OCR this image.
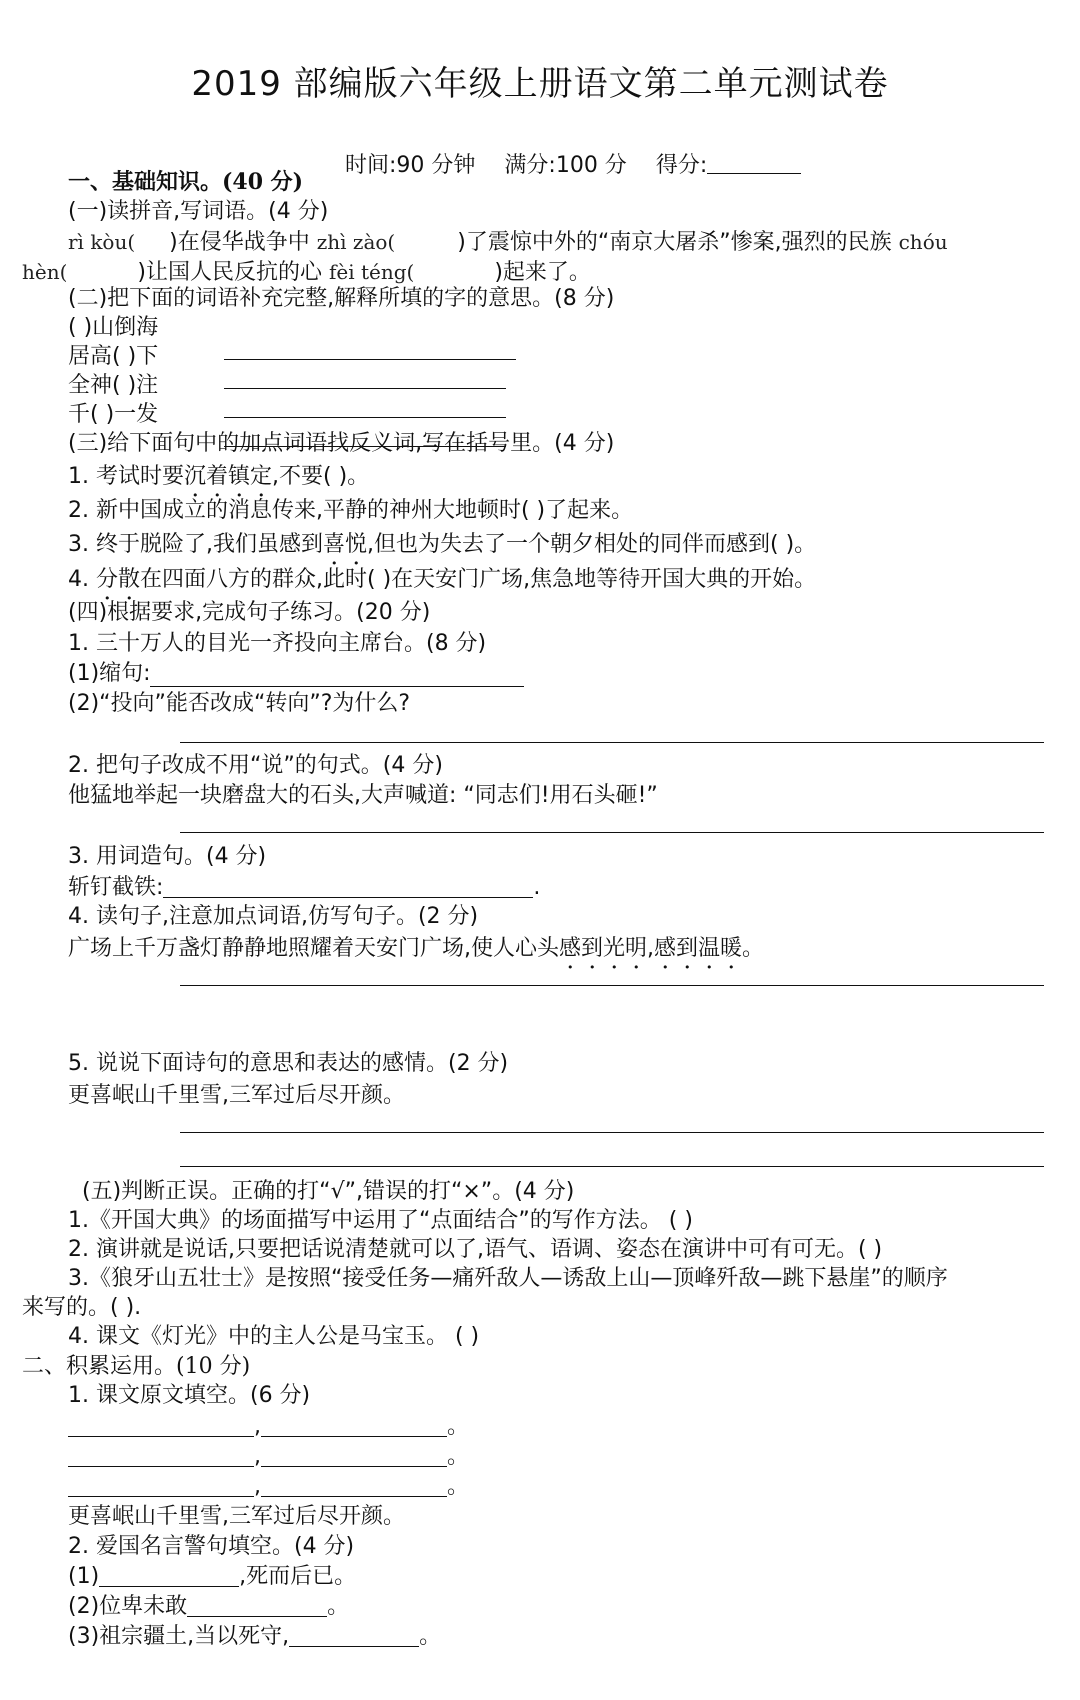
2019 部编版六年级上册语文第二单元测试卷
时间:90 分钟 满分:100 分 得分:
一、基础知识。(40 分)
(一)读拼音,写词语。(4 分)
rì kòu( )在侵华战争中 zhì zào(	)了震惊中外的“南京大屠杀”惨案,强烈的民族 chóu
hèn(	)让国人民反抗的心 fèi téng(	)起来了。
(二)把下面的词语补充完整,解释所填的字的意思。(8 分)
( )山倒海
居高( )下
全神( )注
千( )一发
(三)给下面句中的加点词语找反义词,写在括号里。(4 分)
1. 考试时要沉着镇定,不要( )。
2. 新中国成立的消息传来,平静的神州大地顿时( )了起来。
3. 终于脱险了,我们虽感到喜悦,但也为失去了一个朝夕相处的同伴而感到( )。
4. 分散在四面八方的群众,此时( )在天安门广场,焦急地等待开国大典的开始。
(四)根据要求,完成句子练习。(20 分)
1. 三十万人的目光一齐投向主席台。(8 分)
(1)缩句:
(2)“投向”能否改成“转向”?为什么?
2. 把句子改成不用“说”的句式。(4 分)
他猛地举起一块磨盘大的石头,大声喊道: “同志们!用石头砸!”
3. 用词造句。(4 分)
斩钉截铁:	.
4. 读句子,注意加点词语,仿写句子。(2 分)
广场上千万盏灯静静地照耀着天安门广场,使人心头感到光明,感到温暖。
5. 说说下面诗句的意思和表达的感情。(2 分)
更喜岷山千里雪,三军过后尽开颜。
(五)判断正误。正确的打“√”,错误的打“×”。(4 分)
1.《开国大典》的场面描写中运用了“点面结合”的写作方法。 ( )
2. 演讲就是说话,只要把话说清楚就可以了,语气、语调、姿态在演讲中可有可无。( )
3.《狼牙山五壮士》是按照“接受任务—痛歼敌人—诱敌上山—顶峰歼敌—跳下悬崖”的顺序
来写的。( ).
4. 课文《灯光》中的主人公是马宝玉。 ( )
二、积累运用。(10 分)
1. 课文原文填空。(6 分)
,	。
,	。
,	。
更喜岷山千里雪,三军过后尽开颜。
2. 爱国名言警句填空。(4 分)
(1)	,死而后已。
(2)位卑未敢	。
(3)祖宗疆土,当以死守,	。
